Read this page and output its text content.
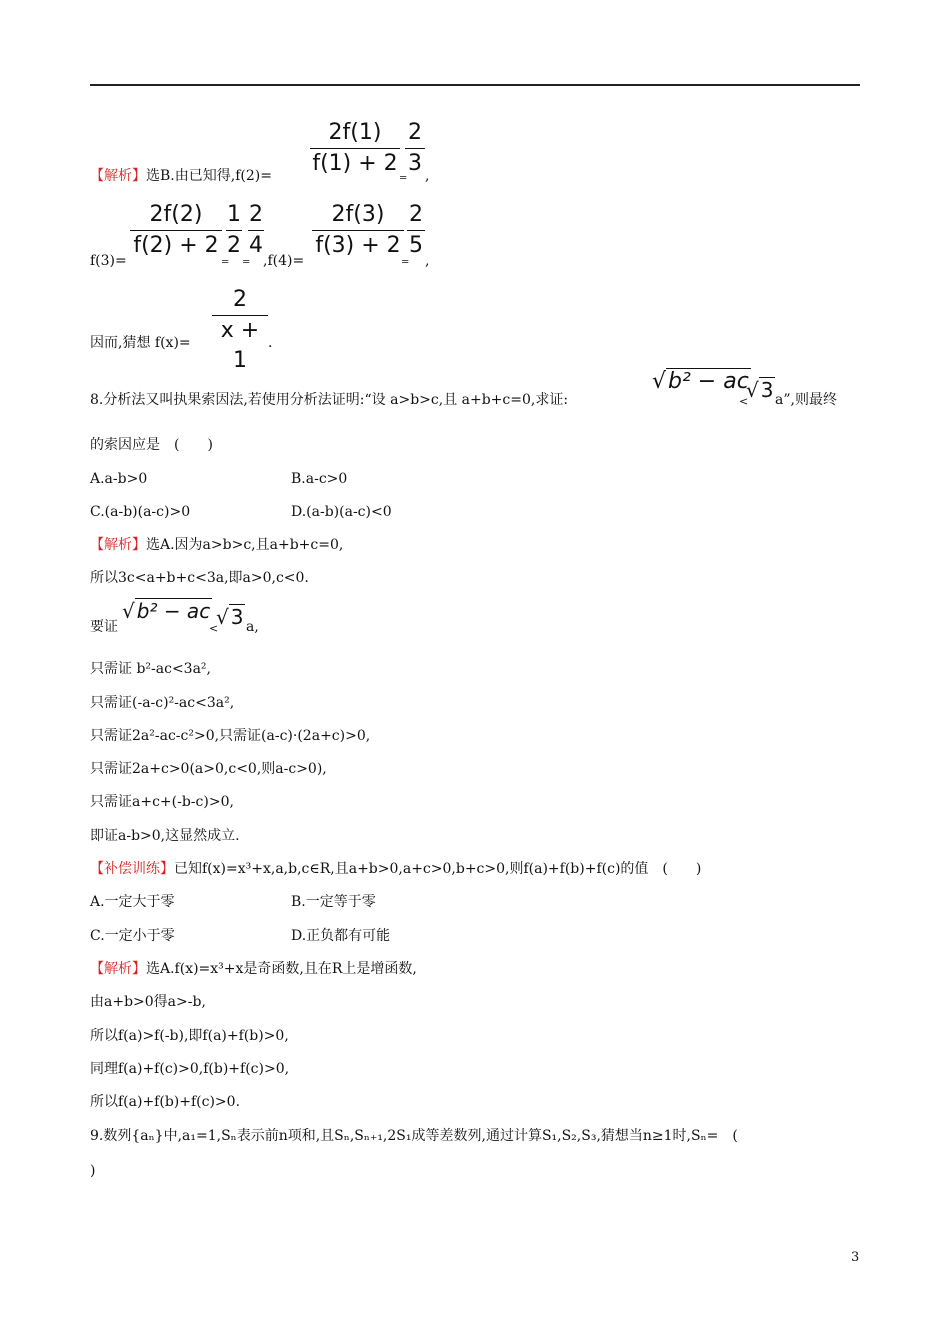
$\frac{2f(1)}{f(1) + 2} \frac{2}{3}$
【解析】选B.由已知得,f(2)=	= ,
$\frac{2f(2)}{f(2) + 2} \frac{1}{2} \frac{2}{4} \frac{2f(3)}{f(3) + 2} \frac{2}{5}$
f(3)=	= = ,f(4)=	= ,
$\frac{2}{x + 1}$
因而,猜想 f(x)=	.
8.分析法又叫执果索因法,若使用分析法证明:“设 a>b>c,且 a+b+c=0,求证:
√b² − ac
<
√ 3 a”,则最终
的索因应是　(　　)
A.a-b>0	B.a-c>0
C.(a-b)(a-c)>0	D.(a-b)(a-c)<0
【解析】选A.因为a>b>c,且a+b+c=0,
所以3c<a+b+c<3a,即a>0,c<0.
要证
√ b² − ac
<
√ 3 a,
只需证 b²-ac<3a²,
只需证(-a-c)²-ac<3a²,
只需证2a²-ac-c²>0,只需证(a-c)·(2a+c)>0,
只需证2a+c>0(a>0,c<0,则a-c>0),
只需证a+c+(-b-c)>0,
即证a-b>0,这显然成立.
【补偿训练】已知f(x)=x³+x,a,b,c∈R,且a+b>0,a+c>0,b+c>0,则f(a)+f(b)+f(c)的值　(　　)
A.一定大于零	B.一定等于零
C.一定小于零	D.正负都有可能
【解析】选A.f(x)=x³+x是奇函数,且在R上是增函数,
由a+b>0得a>-b,
所以f(a)>f(-b),即f(a)+f(b)>0,
同理f(a)+f(c)>0,f(b)+f(c)>0,
所以f(a)+f(b)+f(c)>0.
9.数列{aₙ}中,a₁=1,Sₙ表示前n项和,且Sₙ,Sₙ₊₁,2S₁成等差数列,通过计算S₁,S₂,S₃,猜想当n≥1时,Sₙ=　(
)
3
